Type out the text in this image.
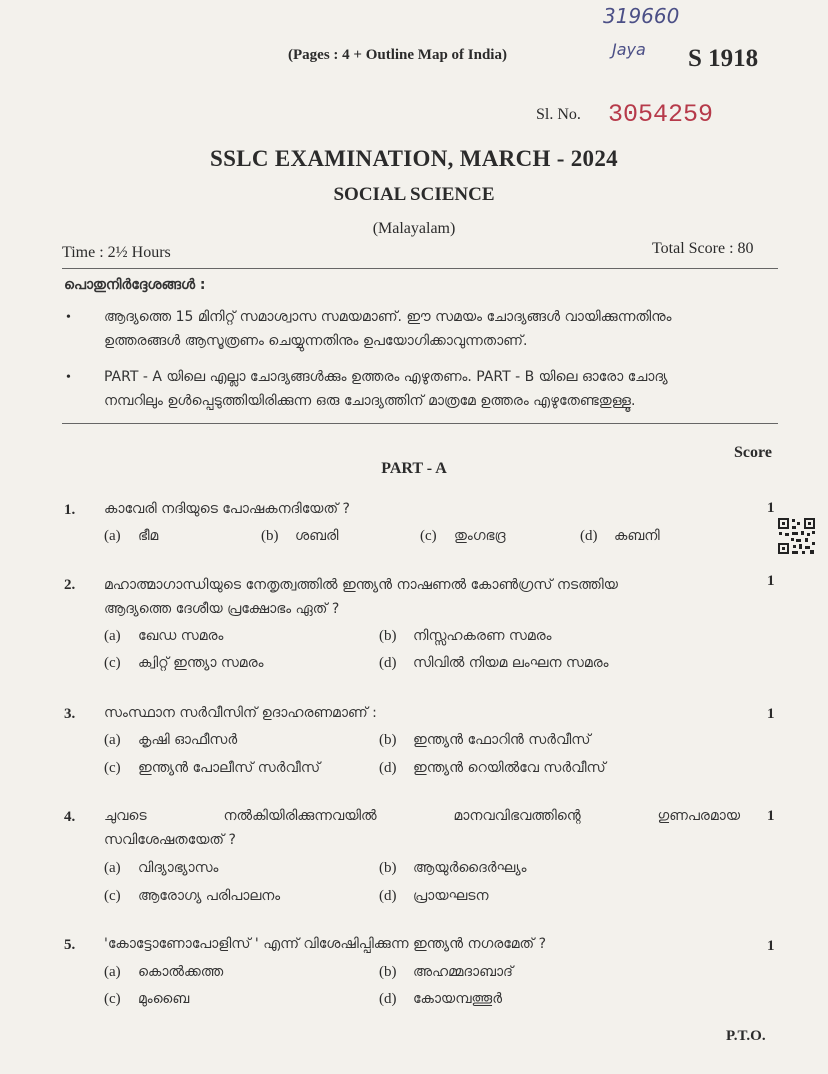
319660
Jaya
(Pages : 4 + Outline Map of India)	S 1918
Sl. No. 3054259
SSLC EXAMINATION, MARCH - 2024
SOCIAL SCIENCE
(Malayalam)
Time : 2½ Hours	Total Score : 80
പൊതുനിർദ്ദേശങ്ങൾ :
• ആദ്യത്തെ 15 മിനിറ്റ് സമാശ്വാസ സമയമാണ്. ഈ സമയം ചോദ്യങ്ങൾ വായിക്കുന്നതിനും
ഉത്തരങ്ങൾ ആസൂത്രണം ചെയ്യുന്നതിനും ഉപയോഗിക്കാവുന്നതാണ്.
• PART - A യിലെ എല്ലാ ചോദ്യങ്ങൾക്കും ഉത്തരം എഴുതണം. PART - B യിലെ ഓരോ ചോദ്യ
നമ്പറിലും ഉൾപ്പെടുത്തിയിരിക്കുന്ന ഒരു ചോദ്യത്തിന് മാത്രമേ ഉത്തരം എഴുതേണ്ടതുള്ളൂ.
Score
PART - A
1. കാവേരി നദിയുടെ പോഷകനദിയേത് ?	1
(a) ഭീമ	(b) ശബരി	(c) തുംഗഭദ്ര	(d) കബനി
2. മഹാത്മാഗാന്ധിയുടെ നേതൃത്വത്തിൽ ഇന്ത്യൻ നാഷണൽ കോൺഗ്രസ് നടത്തിയ
ആദ്യത്തെ ദേശീയ പ്രക്ഷോഭം ഏത് ?
1
(a) ഖേഡ സമരം	(b) നിസ്സഹകരണ സമരം
(c) ക്വിറ്റ് ഇന്ത്യാ സമരം	(d) സിവിൽ നിയമ ലംഘന സമരം
3. സംസ്ഥാന സർവീസിന് ഉദാഹരണമാണ് :	1
(a) കൃഷി ഓഫീസർ	(b) ഇന്ത്യൻ ഫോറിൻ സർവീസ്
(c) ഇന്ത്യൻ പോലീസ് സർവീസ്	(d) ഇന്ത്യൻ റെയിൽവേ സർവീസ്
4. ചുവടെ നൽകിയിരിക്കുന്നവയിൽ മാനവവിഭവത്തിന്റെ ഗുണപരമായ
സവിശേഷതയേത് ?
1
(a) വിദ്യാഭ്യാസം	(b) ആയുർദൈർഘ്യം
(c) ആരോഗ്യ പരിപാലനം	(d) പ്രായഘടന
5. 'കോട്ടോണോപോളിസ് ' എന്ന് വിശേഷിപ്പിക്കുന്ന ഇന്ത്യൻ നഗരമേത് ?	1
(a) കൊൽക്കത്ത	(b) അഹമ്മദാബാദ്
(c) മുംബൈ	(d) കോയമ്പത്തൂർ
P.T.O.
